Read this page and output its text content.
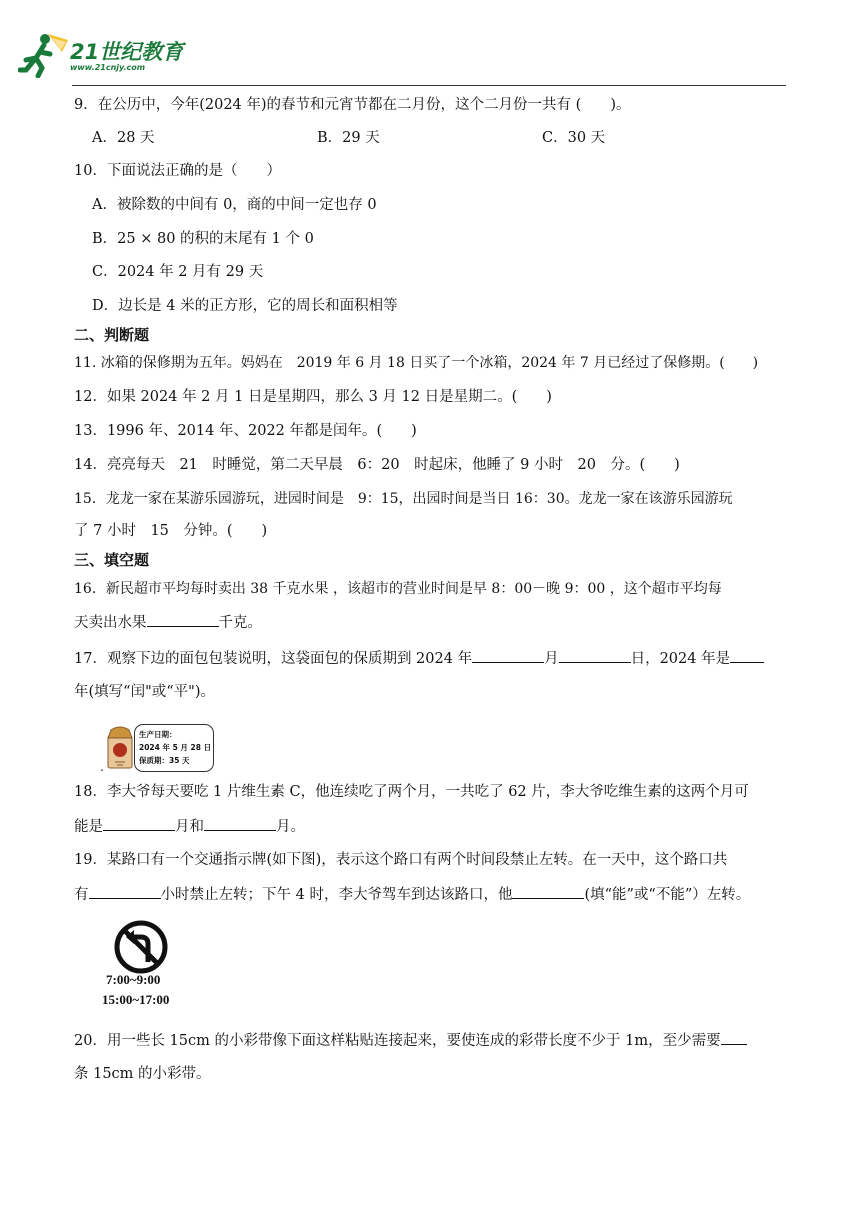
21世纪教育
www.21cnjy.com
9．在公历中，今年(2024 年)的春节和元宵节都在二月份，这个二月份一共有 (　　)。
A．28 天	B．29 天	C．30 天
10．下面说法正确的是（　　）
A．被除数的中间有 0，商的中间一定也存 0
B．25 × 80 的积的末尾有 1 个 0
C．2024 年 2 月有 29 天
D．边长是 4 米的正方形，它的周长和面积相等
二、判断题
11. 冰箱的保修期为五年。妈妈在　2019 年 6 月 18 日买了一个冰箱，2024 年 7 月已经过了保修期。(　　)
12．如果 2024 年 2 月 1 日是星期四，那么 3 月 12 日是星期二。(　　)
13．1996 年、2014 年、2022 年都是闰年。(　　)
14．亮亮每天　21　时睡觉，第二天早晨　6：20　时起床，他睡了 9 小时　20　分。(　　)
15．龙龙一家在某游乐园游玩，进园时间是　9：15，出园时间是当日 16：30。龙龙一家在该游乐园游玩
了 7 小时　15　分钟。(　　)
三、填空题
16．新民超市平均每时卖出 38 千克水果 ，该超市的营业时间是早 8：00－晚 9：00 ，这个超市平均每
天卖出水果	千克。
17．观察下边的面包包装说明，这袋面包的保质期到 2024 年	月	日，2024 年是
年(填写“闰"或“平")。
.
生产日期：
2024 年 5 月 28 日
保质期：35 天
18．李大爷每天要吃 1 片维生素 C，他连续吃了两个月，一共吃了 62 片，李大爷吃维生素的这两个月可
能是	月和	月。
19．某路口有一个交通指示牌(如下图)，表示这个路口有两个时间段禁止左转。在一天中，这个路口共
有	小时禁止左转；下午 4 时，李大爷驾车到达该路口，他	(填“能”或“不能”）左转。
7:00~9:00
15:00~17:00
20．用一些长 15cm 的小彩带像下面这样粘贴连接起来，要使连成的彩带长度不少于 1m，至少需要
条 15cm 的小彩带。
